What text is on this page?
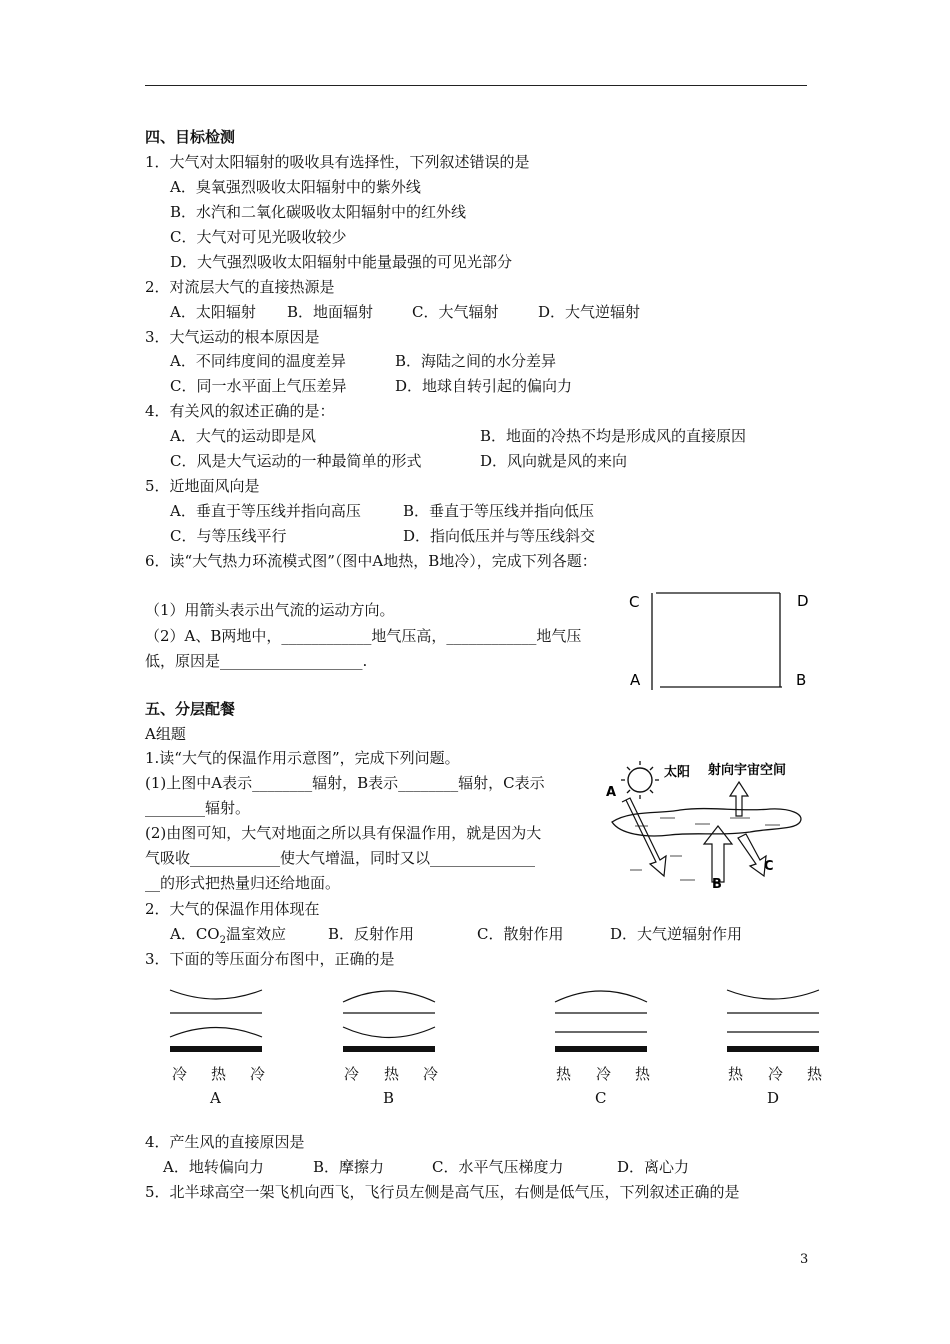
四、目标检测
1．大气对太阳辐射的吸收具有选择性，下列叙述错误的是
A．臭氧强烈吸收太阳辐射中的紫外线
B．水汽和二氧化碳吸收太阳辐射中的红外线
C．大气对可见光吸收较少
D．大气强烈吸收太阳辐射中能量最强的可见光部分
2．对流层大气的直接热源是
A．太阳辐射 B．地面辐射	C．大气辐射	D．大气逆辐射
3．大气运动的根本原因是
A．不同纬度间的温度差异	B．海陆之间的水分差异
C．同一水平面上气压差异	D．地球自转引起的偏向力
4．有关风的叙述正确的是：
A．大气的运动即是风	B．地面的冷热不均是形成风的直接原因
C．风是大气运动的一种最简单的形式	D．风向就是风的来向
5．近地面风向是
A．垂直于等压线并指向高压	B．垂直于等压线并指向低压
C．与等压线平行	D．指向低压并与等压线斜交
6．读“大气热力环流模式图”（图中A地热，B地冷），完成下列各题：
（1）用箭头表示出气流的运动方向。
（2）A、B两地中，____________地气压高，____________地气压
低，原因是___________________.
C	D
A	B
五、分层配餐
A组题
1.读“大气的保温作用示意图”，完成下列问题。
(1)上图中A表示________辐射，B表示________辐射，C表示
________辐射。
(2)由图可知，大气对地面之所以具有保温作用，就是因为大
气吸收____________使大气增温，同时又以______________
__的形式把热量归还给地面。
太阳 射向宇宙空间
A
B
C
2．大气的保温作用体现在
A．$CO_2$温室效应	B．反射作用	C．散射作用	D．大气逆辐射作用
3．下面的等压面分布图中，正确的是
冷 热 冷
A
冷 热 冷
B
热 冷 热
C
热 冷 热
D
4．产生风的直接原因是
A．地转偏向力	B．摩擦力	C．水平气压梯度力	D．离心力
5．北半球高空一架飞机向西飞，飞行员左侧是高气压，右侧是低气压，下列叙述正确的是
3
